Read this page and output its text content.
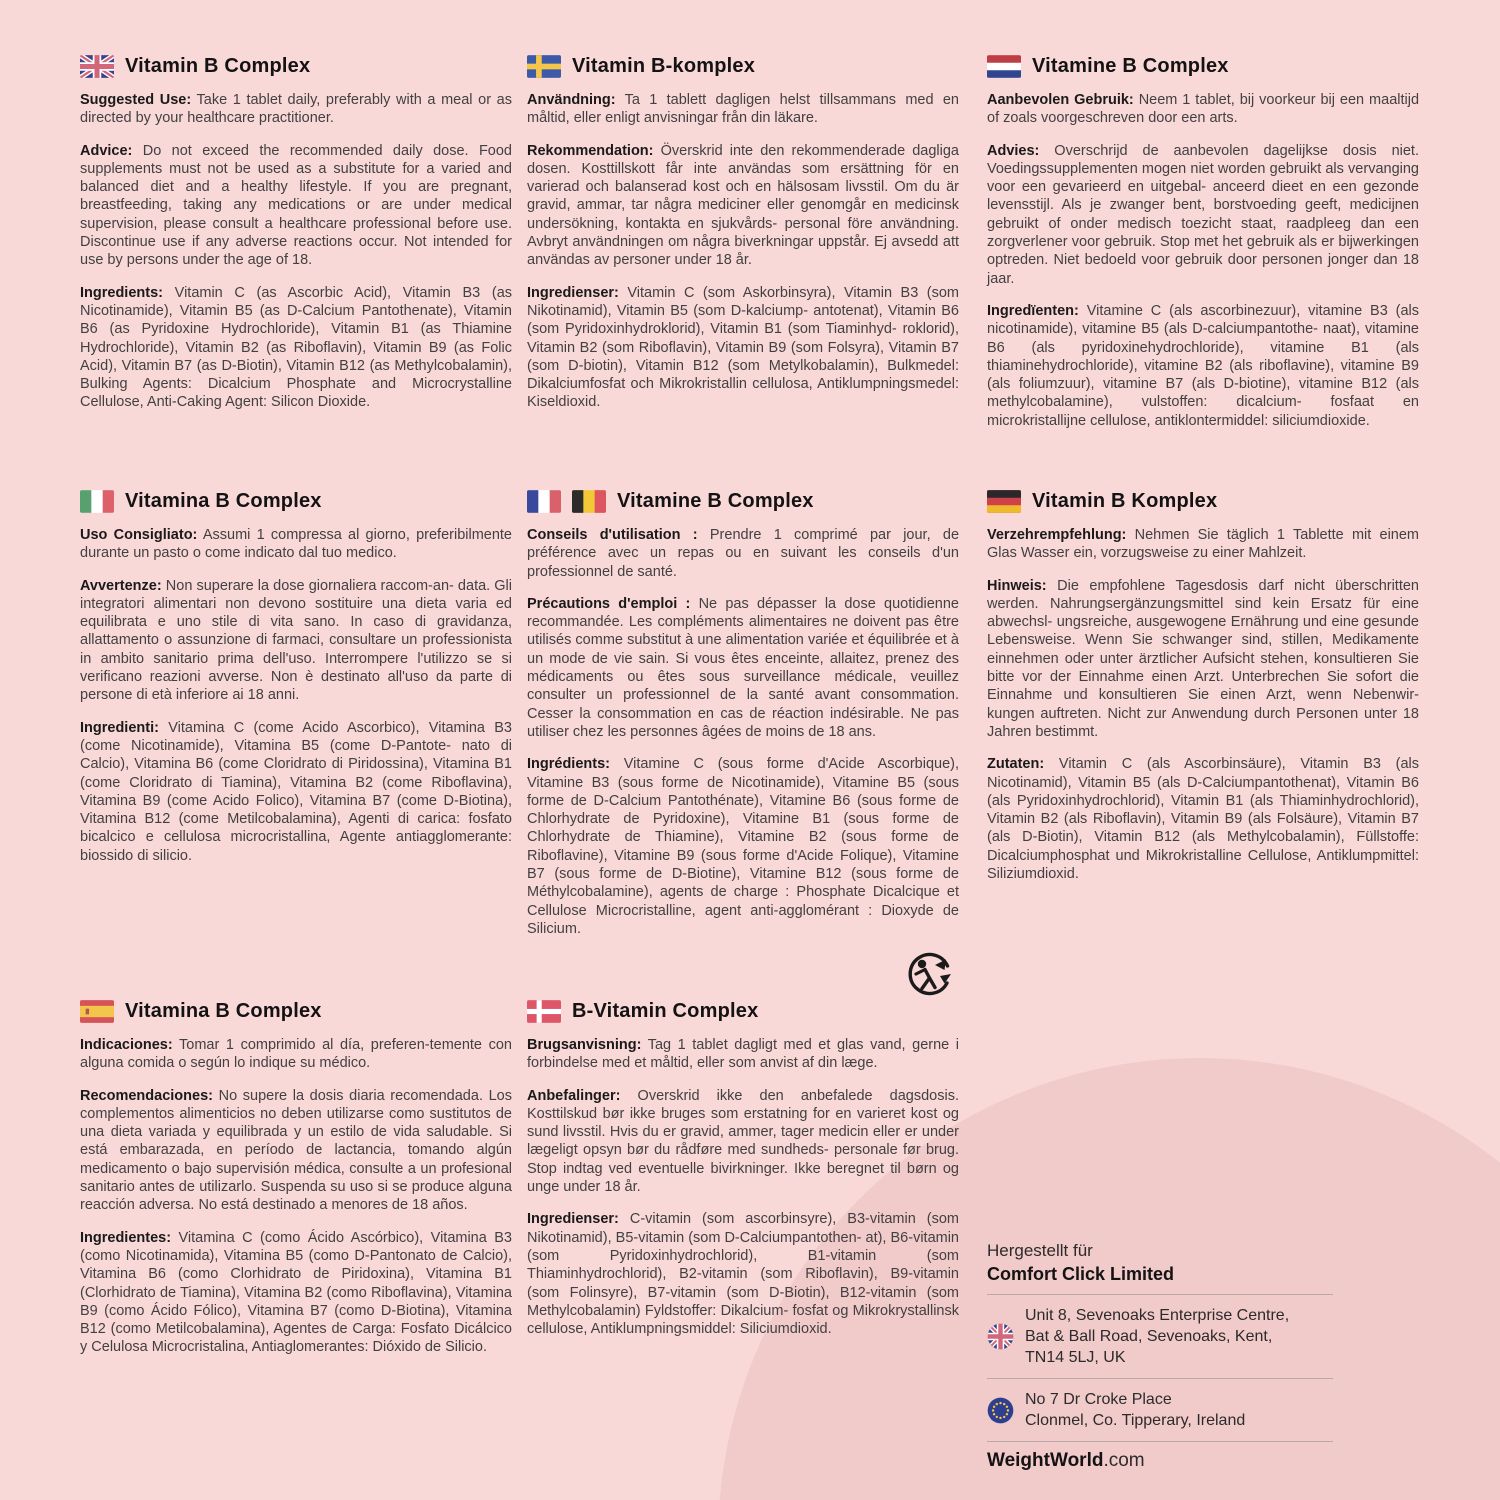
Vitamin B Complex

Suggested Use: Take 1 tablet daily, preferably with a meal or as directed by your healthcare practitioner.

Advice: Do not exceed the recommended daily dose. Food supplements must not be used as a substitute for a varied and balanced diet and a healthy lifestyle. If you are pregnant, breastfeeding, taking any medications or are under medical supervision, please consult a healthcare professional before use. Discontinue use if any adverse reactions occur. Not intended for use by persons under the age of 18.

Ingredients: Vitamin C (as Ascorbic Acid), Vitamin B3 (as Nicotinamide), Vitamin B5 (as D-Calcium Pantothenate), Vitamin B6 (as Pyridoxine Hydrochloride), Vitamin B1 (as Thiamine Hydrochloride), Vitamin B2 (as Riboflavin), Vitamin B9 (as Folic Acid), Vitamin B7 (as D-Biotin), Vitamin B12 (as Methylcobalamin), Bulking Agents: Dicalcium Phosphate and Microcrystalline Cellulose, Anti-Caking Agent: Silicon Dioxide.

Vitamin B-komplex

Användning: Ta 1 tablett dagligen helst tillsammans med en måltid, eller enligt anvisningar från din läkare.

Rekommendation: Överskrid inte den rekommenderade dagliga dosen. Kosttillskott får inte användas som ersättning för en varierad och balanserad kost och en hälsosam livsstil. Om du är gravid, ammar, tar några mediciner eller genomgår en medicinsk undersökning, kontakta en sjukvårds- personal före användning. Avbryt användningen om några biverkningar uppstår. Ej avsedd att användas av personer under 18 år.

Ingredienser: Vitamin C (som Askorbinsyra), Vitamin B3 (som Nikotinamid), Vitamin B5 (som D-kalciump- antotenat), Vitamin B6 (som Pyridoxinhydroklorid), Vitamin B1 (som Tiaminhyd- roklorid), Vitamin B2 (som Riboflavin), Vitamin B9 (som Folsyra), Vitamin B7 (som D-biotin), Vitamin B12 (som Metylkobalamin), Bulkmedel: Dikalciumfosfat och Mikrokristallin cellulosa, Antiklumpningsmedel: Kiseldioxid.

Vitamine B Complex

Aanbevolen Gebruik: Neem 1 tablet, bij voorkeur bij een maaltijd of zoals voorgeschreven door een arts.

Advies: Overschrijd de aanbevolen dagelijkse dosis niet. Voedingssupplementen mogen niet worden gebruikt als vervanging voor een gevarieerd en uitgebal- anceerd dieet en een gezonde levensstijl. Als je zwanger bent, borstvoeding geeft, medicijnen gebruikt of onder medisch toezicht staat, raadpleeg dan een zorgverlener voor gebruik. Stop met het gebruik als er bijwerkingen optreden. Niet bedoeld voor gebruik door personen jonger dan 18 jaar.

Ingredïenten: Vitamine C (als ascorbinezuur), vitamine B3 (als nicotinamide), vitamine B5 (als D-calciumpantothe- naat), vitamine B6 (als pyridoxinehydrochloride), vitamine B1 (als thiaminehydrochloride), vitamine B2 (als riboflavine), vitamine B9 (als foliumzuur), vitamine B7 (als D-biotine), vitamine B12 (als methylcobalamine), vulstoffen: dicalcium- fosfaat en microkristallijne cellulose, antiklontermiddel: siliciumdioxide.

Vitamina B Complex

Uso Consigliato: Assumi 1 compressa al giorno, preferibilmente durante un pasto o come indicato dal tuo medico.

Avvertenze: Non superare la dose giornaliera raccom-an- data. Gli integratori alimentari non devono sostituire una dieta varia ed equilibrata e uno stile di vita sano. In caso di gravidanza, allattamento o assunzione di farmaci, consultare un professionista in ambito sanitario prima dell'uso. Interrompere l'utilizzo se si verificano reazioni avverse. Non è destinato all'uso da parte di persone di età inferiore ai 18 anni.

Ingredienti: Vitamina C (come Acido Ascorbico), Vitamina B3 (come Nicotinamide), Vitamina B5 (come D-Pantote- nato di Calcio), Vitamina B6 (come Cloridrato di Piridossina), Vitamina B1 (come Cloridrato di Tiamina), Vitamina B2 (come Riboflavina), Vitamina B9 (come Acido Folico), Vitamina B7 (come D-Biotina), Vitamina B12 (come Metilcobalamina), Agenti di carica: fosfato bicalcico e cellulosa microcristallina, Agente antiagglomerante: biossido di silicio.

Vitamine B Complex

Conseils d'utilisation : Prendre 1 comprimé par jour, de préférence avec un repas ou en suivant les conseils d'un professionnel de santé.

Précautions d'emploi : Ne pas dépasser la dose quotidienne recommandée. Les compléments alimentaires ne doivent pas être utilisés comme substitut à une alimentation variée et équilibrée et à un mode de vie sain. Si vous êtes enceinte, allaitez, prenez des médicaments ou êtes sous surveillance médicale, veuillez consulter un professionnel de la santé avant consommation. Cesser la consommation en cas de réaction indésirable. Ne pas utiliser chez les personnes âgées de moins de 18 ans.

Ingrédients: Vitamine C (sous forme d'Acide Ascorbique), Vitamine B3 (sous forme de Nicotinamide), Vitamine B5 (sous forme de D-Calcium Pantothénate), Vitamine B6 (sous forme de Chlorhydrate de Pyridoxine), Vitamine B1 (sous forme de Chlorhydrate de Thiamine), Vitamine B2 (sous forme de Riboflavine), Vitamine B9 (sous forme d'Acide Folique), Vitamine B7 (sous forme de D-Biotine), Vitamine B12 (sous forme de Méthylcobalamine), agents de charge : Phosphate Dicalcique et Cellulose Microcristalline, agent anti-agglomérant : Dioxyde de Silicium.

Vitamin B Komplex

Verzehrempfehlung: Nehmen Sie täglich 1 Tablette mit einem Glas Wasser ein, vorzugsweise zu einer Mahlzeit.

Hinweis: Die empfohlene Tagesdosis darf nicht überschritten werden. Nahrungsergänzungsmittel sind kein Ersatz für eine abwechsl- ungsreiche, ausgewogene Ernährung und eine gesunde Lebensweise. Wenn Sie schwanger sind, stillen, Medikamente einnehmen oder unter ärztlicher Aufsicht stehen, konsultieren Sie bitte vor der Einnahme einen Arzt. Unterbrechen Sie sofort die Einnahme und konsultieren Sie einen Arzt, wenn Nebenwir- kungen auftreten. Nicht zur Anwendung durch Personen unter 18 Jahren bestimmt.

Zutaten: Vitamin C (als Ascorbinsäure), Vitamin B3 (als Nicotinamid), Vitamin B5 (als D-Calciumpantothenat), Vitamin B6 (als Pyridoxinhydrochlorid), Vitamin B1 (als Thiaminhydrochlorid), Vitamin B2 (als Riboflavin), Vitamin B9 (als Folsäure), Vitamin B7 (als D-Biotin), Vitamin B12 (als Methylcobalamin), Füllstoffe: Dicalciumphosphat und Mikrokristalline Cellulose, Antiklumpmittel: Siliziumdioxid.

Vitamina B Complex

Indicaciones: Tomar 1 comprimido al día, preferen-temente con alguna comida o según lo indique su médico.

Recomendaciones: No supere la dosis diaria recomendada. Los complementos alimenticios no deben utilizarse como sustitutos de una dieta variada y equilibrada y un estilo de vida saludable. Si está embarazada, en período de lactancia, tomando algún medicamento o bajo supervisión médica, consulte a un profesional sanitario antes de utilizarlo. Suspenda su uso si se produce alguna reacción adversa. No está destinado a menores de 18 años.

Ingredientes: Vitamina C (como Ácido Ascórbico), Vitamina B3 (como Nicotinamida), Vitamina B5 (como D-Pantonato de Calcio), Vitamina B6 (como Clorhidrato de Piridoxina), Vitamina B1 (Clorhidrato de Tiamina), Vitamina B2 (como Riboflavina), Vitamina B9 (como Ácido Fólico), Vitamina B7 (como D-Biotina), Vitamina B12 (como Metilcobalamina), Agentes de Carga: Fosfato Dicálcico y Celulosa Microcristalina, Antiaglomerantes: Dióxido de Silicio.

B-Vitamin Complex

Brugsanvisning: Tag 1 tablet dagligt med et glas vand, gerne i forbindelse med et måltid, eller som anvist af din læge.

Anbefalinger: Overskrid ikke den anbefalede dagsdosis. Kosttilskud bør ikke bruges som erstatning for en varieret kost og sund livsstil. Hvis du er gravid, ammer, tager medicin eller er under lægeligt opsyn bør du rådføre med sundheds- personale før brug. Stop indtag ved eventuelle bivirkninger. Ikke beregnet til børn og unge under 18 år.

Ingredienser: C-vitamin (som ascorbinsyre), B3-vitamin (som Nikotinamid), B5-vitamin (som D-Calciumpantothen- at), B6-vitamin (som Pyridoxinhydrochlorid), B1-vitamin (som Thiaminhydrochlorid), B2-vitamin (som Riboflavin), B9-vitamin (som Folinsyre), B7-vitamin (som D-Biotin), B12-vitamin (som Methylcobalamin) Fyldstoffer: Dikalcium- fosfat og Mikrokrystallinsk cellulose, Antiklumpningsmiddel: Siliciumdioxid.

Hergestellt für
Comfort Click Limited
Unit 8, Sevenoaks Enterprise Centre,
Bat & Ball Road, Sevenoaks, Kent,
TN14 5LJ, UK
No 7 Dr Croke Place
Clonmel, Co. Tipperary, Ireland
WeightWorld.com
